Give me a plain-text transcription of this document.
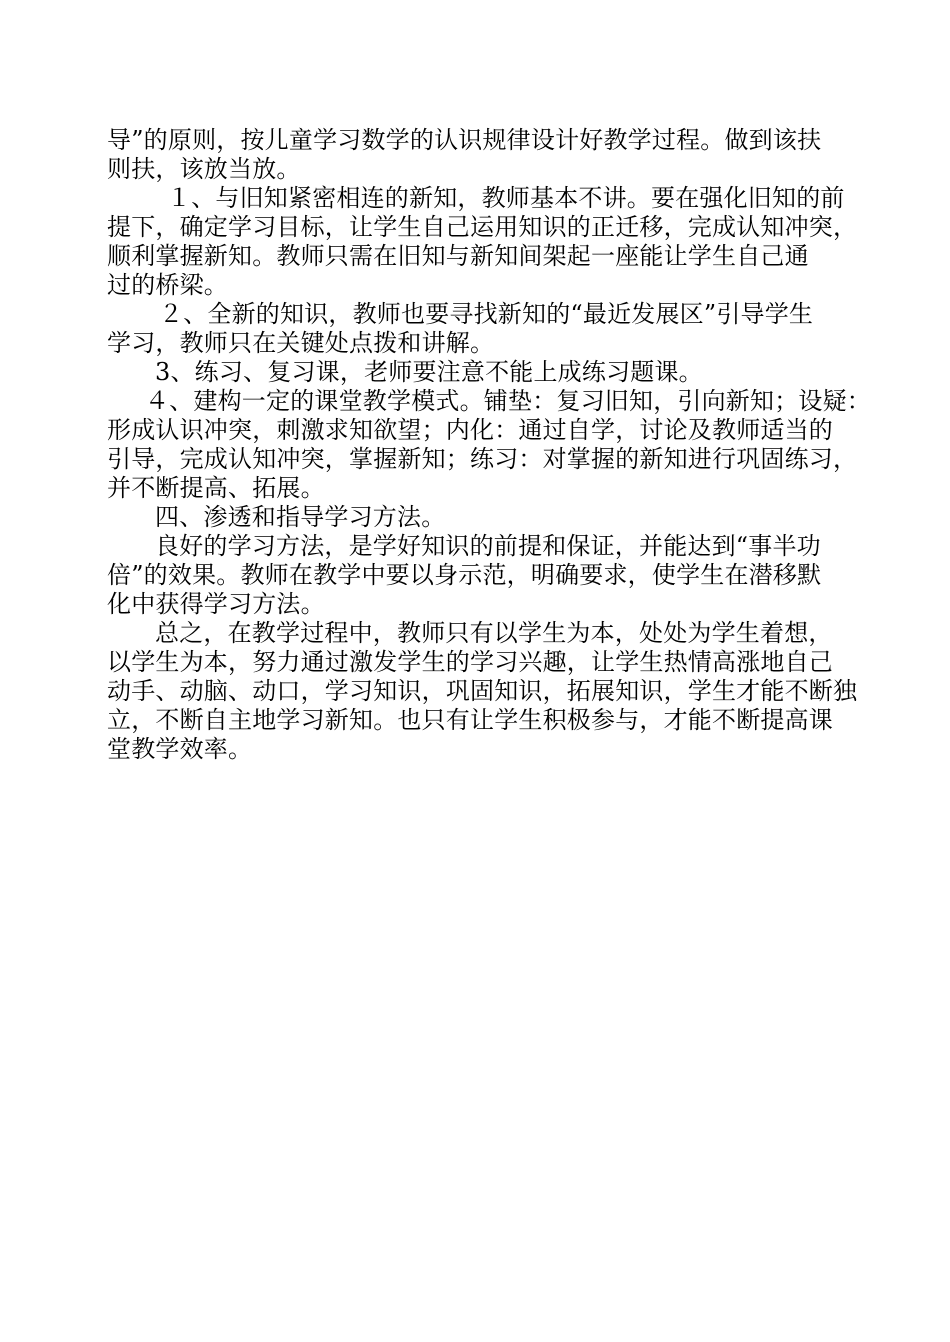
导”的原则，按儿童学习数学的认识规律设计好教学过程。做到该扶
则扶，该放当放。
１、与旧知紧密相连的新知，教师基本不讲。要在强化旧知的前
提下，确定学习目标，让学生自己运用知识的正迁移，完成认知冲突，
顺利掌握新知。教师只需在旧知与新知间架起一座能让学生自己通
过的桥梁。
２、全新的知识，教师也要寻找新知的“最近发展区”引导学生
学习，教师只在关键处点拨和讲解。
3、练习、复习课，老师要注意不能上成练习题课。
４、建构一定的课堂教学模式。铺垫：复习旧知，引向新知；设疑：
形成认识冲突，刺激求知欲望；内化：通过自学，讨论及教师适当的
引导，完成认知冲突，掌握新知；练习：对掌握的新知进行巩固练习，
并不断提高、拓展。
四、渗透和指导学习方法。
良好的学习方法，是学好知识的前提和保证，并能达到“事半功
倍”的效果。教师在教学中要以身示范，明确要求，使学生在潜移默
化中获得学习方法。
总之，在教学过程中，教师只有以学生为本，处处为学生着想，
以学生为本，努力通过激发学生的学习兴趣，让学生热情高涨地自己
动手、动脑、动口，学习知识，巩固知识，拓展知识，学生才能不断独
立，不断自主地学习新知。也只有让学生积极参与，才能不断提高课
堂教学效率。
